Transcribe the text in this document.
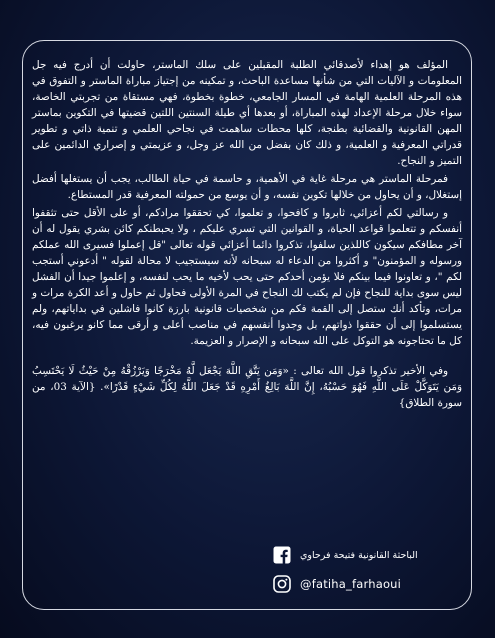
المؤلف هو إهداء لأصدقائي الطلبة المقبلين على سلك الماستر، حاولت أن أدرج فيه جل المعلومات و الآليات التي من شأنها مساعدة الباحث، و تمكينه من إجتياز مباراة الماستر و التفوق في هذه المرحلة العلمية الهامة في المسار الجامعي، خطوة بخطوة، فهي مستقاة من تجربتي الخاصة، سواء خلال مرحلة الإعداد لهذه المباراة، أو بعدها أي طيلة السنتين اللتين قضيتها في التكوين بماستر المهن القانونية والقضائية بطنجة، كلها محطات ساهمت في نجاحي العلمي و تنمية ذاتي و تطوير قدراتي المعرفية و العلمية، و ذلك كان بفضل من الله عز وجل، و عزيمتي و إصراري الدائمين على التميز و النجاح.

فمرحلة الماستر هي مرحلة غاية في الأهمية، و حاسمة في حياة الطالب، يجب أن يستغلها أفضل إستغلال، و أن يحاول من خلالها تكوين نفسه، و أن يوسع من حمولته المعرفية قدر المستطاع.

و رسالتي لكم أعزائي، ثابروا و كافحوا، و تعلموا، كي تحققوا مرادكم، أو على الأقل حتى تثقفوا أنفسكم و تتعلموا قواعد الحياة، و القوانين التي تسري عليكم ، ولا يحبطنكم كائن بشري يقول له أن آخر مطافكم سيكون كاللذين سلفوا، تذكروا دائما أعزائي قوله تعالى "قل إعملوا فسيرى الله عملكم ورسوله و المؤمنون" و أكثروا من الدعاء له سبحانه لأنه سيستجيب لا محالة لقوله " أدعوني أستجب لكم "، و تعاونوا فيما بينكم فلا يؤمن أحدكم حتى يحب لأخيه ما يحب لنفسه، و إعلموا جيدا أن الفشل ليس سوى بداية للنجاح فإن لم يكتب لك النجاح في المرة الأولى فحاول ثم حاول و أعد الكرة مرات و مرات، وتأكد أنك ستصل إلى القمة فكم من شخصيات قانونية بارزة كانوا فاشلين في بداياتهم، ولم يستسلموا إلى أن حققوا ذواتهم، بل وجدوا أنفسهم في مناصب أعلى و أرقى مما كانو يرغبون فيه، كل ما تحتاجونه هو التوكل على الله سبحانه و الإصرار و العزيمة.

وفي الأخير تذكروا قول الله تعالى : «وَمَن يَتَّقِ اللَّهَ يَجْعَل لَّهُ مَخْرَجًا وَيَرْزُقْهُ مِنْ حَيْثُ لَا يَحْتَسِبُ وَمَن يَتَوَكَّلْ عَلَى اللَّهِ فَهُوَ حَسْبُهُ، إِنَّ اللَّهَ بَالِغُ أَمْرِهِ قَدْ جَعَلَ اللَّهُ لِكُلِّ شَيْءٍ قَدْرًا». {الآية 03، من سورة الطلاق}

الباحثة القانونية فتيحة فرحاوي
@fatiha_farhaoui
